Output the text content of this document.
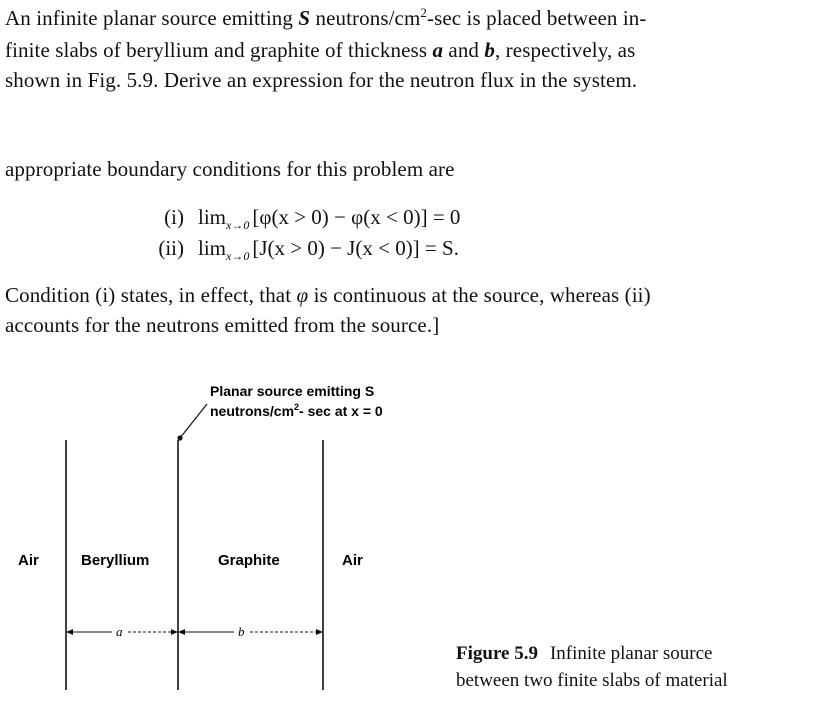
An infinite planar source emitting S neutrons/$cm^2-\sec$ is placed between in-
finite slabs of beryllium and graphite of thickness a and b, respectively, as
shown in Fig. 5.9. Derive an expression for the neutron flux in the system.
appropriate boundary conditions for this problem are
(i) $\lim_{x\to 0} [\varphi(x > 0) - \varphi(x < 0)] = 0$
(ii) $\lim_{x\to 0} [J(x > 0) - J(x < 0)] = S$.
Condition (i) states, in effect, that φ is continuous at the source, whereas (ii)
accounts for the neutrons emitted from the source.]
Planar source emitting S
neutrons/$cm^2-$ sec at x = 0
Air	Beryllium	Graphite	Air
a	b
Figure 5.9 Infinite planar source
between two finite slabs of material
